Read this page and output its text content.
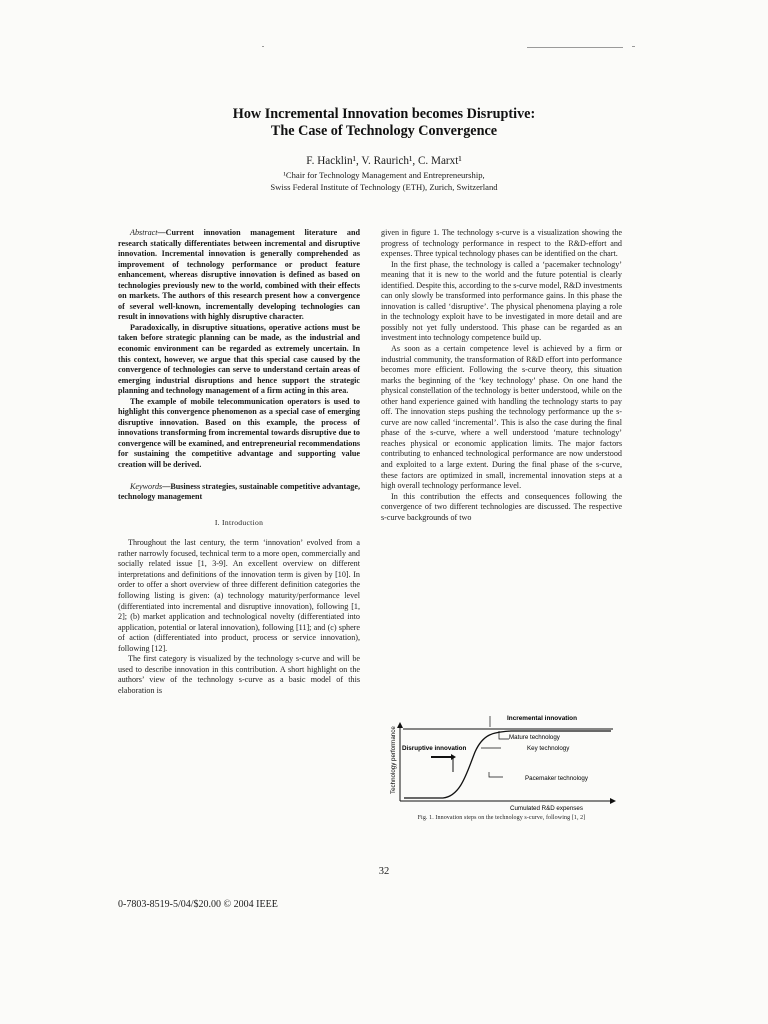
How Incremental Innovation becomes Disruptive:
The Case of Technology Convergence
F. Hacklin¹, V. Raurich¹, C. Marxt¹
¹Chair for Technology Management and Entrepreneurship,
Swiss Federal Institute of Technology (ETH), Zurich, Switzerland

Abstract—Current innovation management literature and research statically differentiates between incremental and disruptive innovation. Incremental innovation is generally comprehended as improvement of technology performance or product feature enhancement, whereas disruptive innovation is defined as based on technologies previously new to the world, combined with their effects on markets. The authors of this research present how a convergence of several well-known, incrementally developing technologies can result in innovations with highly disruptive character.

Paradoxically, in disruptive situations, operative actions must be taken before strategic planning can be made, as the industrial and economic environment can be regarded as extremely uncertain. In this context, however, we argue that this special case caused by the convergence of technologies can serve to understand certain areas of emerging industrial disruptions and hence support the strategic planning and technology management of a firm acting in this area.

The example of mobile telecommunication operators is used to highlight this convergence phenomenon as a special case of emerging disruptive innovation. Based on this example, the process of innovations transforming from incremental towards disruptive due to convergence will be examined, and entrepreneurial recommendations for sustaining the competitive advantage and supporting value creation will be derived.

Keywords—Business strategies, sustainable competitive advantage, technology management

I. Introduction

Throughout the last century, the term ‘innovation’ evolved from a rather narrowly focused, technical term to a more open, commercially and socially related issue [1, 3-9]. An excellent overview on different interpretations and definitions of the innovation term is given by [10]. In order to offer a short overview of three different definition categories the following listing is given: (a) technology maturity/performance level (differentiated into incremental and disruptive innovation), following [1, 2]; (b) market application and technological novelty (differentiated into application, potential or lateral innovation), following [11]; and (c) sphere of action (differentiated into product, process or service innovation), following [12].

The first category is visualized by the technology s-curve and will be used to describe innovation in this contribution. A short highlight on the authors’ view of the technology s-curve as a basic model of this elaboration is

given in figure 1. The technology s-curve is a visualization showing the progress of technology performance in respect to the R&D-effort and expenses. Three typical technology phases can be identified on the chart.

In the first phase, the technology is called a ‘pacemaker technology’ meaning that it is new to the world and the future potential is clearly identified. Despite this, according to the s-curve model, R&D investments can only slowly be transformed into performance gains. In this phase the innovation is called ‘disruptive’. The physical phenomena playing a role in the technology exploit have to be investigated in more detail and are possibly not yet fully understood. This phase can be regarded as an investment into technology competence build up.

As soon as a certain competence level is achieved by a firm or industrial community, the transformation of R&D effort into performance becomes more efficient. Following the s-curve theory, this situation marks the beginning of the ‘key technology’ phase. On one hand the physical constellation of the technology is better understood, while on the other hand experience gained with handling the technology starts to pay off. The innovation steps pushing the technology performance up the s-curve are now called ‘incremental’. This is also the case during the final phase of the s-curve, where a well understood ‘mature technology’ reaches physical or economic application limits. The major factors contributing to enhanced technological performance are now understood and exploited to a large extent. During the final phase of the s-curve, these factors are optimized in small, incremental innovation steps at a high overall technology performance level.

In this contribution the effects and consequences following the convergence of two different technologies are discussed. The respective s-curve backgrounds of two

Incremental innovation
Mature technology
Disruptive innovation	Key technology
Pacemaker technology
Cumulated R&D expenses
Technology performance
Fig. 1. Innovation steps on the technology s-curve, following [1, 2]
32
0-7803-8519-5/04/$20.00 © 2004 IEEE
